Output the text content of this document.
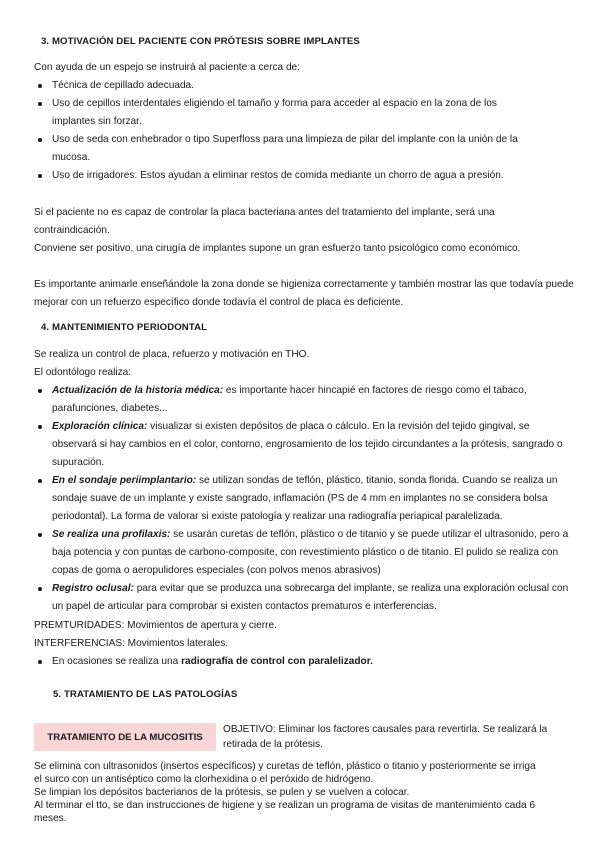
3. MOTIVACIÓN DEL PACIENTE CON PRÓTESIS SOBRE IMPLANTES
Con ayuda de un espejo se instruirá al paciente a cerca de:
Técnica de cepillado adecuada.
Uso de cepillos interdentales eligiendo el tamaño y forma para acceder al espacio en la zona de los implantes sin forzar.
Uso de seda con enhebrador o tipo Superfloss para una limpieza de pilar del implante con la unión de la mucosa.
Uso de irrigadores. Estos ayudan a eliminar restos de comida mediante un chorro de agua a presión.
Si el paciente no es capaz de controlar la placa bacteriana antes del tratamiento del implante, será una contraindicación.
Conviene ser positivo, una cirugía de implantes supone un gran esfuerzo tanto psicológico como económico.
Es importante animarle enseñándole la zona donde se higieniza correctamente y también mostrar las que todavía puede mejorar con un refuerzo específico donde todavía el control de placa es deficiente.
4. MANTENIMIENTO PERIODONTAL
Se realiza un control de placa, refuerzo y motivación en THO.
El odontólogo realiza:
Actualización de la historia médica: es importante hacer hincapié en factores de riesgo como el tabaco, parafunciones, diabetes...
Exploración clínica: visualizar si existen depósitos de placa o cálculo. En la revisión del tejido gingival, se observará si hay cambios en el color, contorno, engrosamiento de los tejido circundantes a la prótesis, sangrado o supuración.
En el sondaje periimplantario: se utilizan sondas de teflón, plástico, titanio, sonda florida. Cuando se realiza un sondaje suave de un implante y existe sangrado, inflamación (PS de 4 mm en implantes no se considera bolsa periodontal). La forma de valorar si existe patología y realizar una radiografía periapical paralelizada.
Se realiza una profilaxis: se usarán curetas de teflón, plástico o de titanio y se puede utilizar el ultrasonido, pero a baja potencia y con puntas de carbono-composite, con revestimiento plástico o de titanio. El pulido se realiza con copas de goma o aeropulidores especiales (con polvos menos abrasivos)
Registro oclusal: para evitar que se produzca una sobrecarga del implante, se realiza una exploración oclusal con un papel de articular para comprobar si existen contactos prematuros e interferencias.
PREMTURIDADES: Movimientos de apertura y cierre.
INTERFERENCIAS: Movimientos laterales.
En ocasiones se realiza una radiografía de control con paralelizador.
5. TRATAMIENTO DE LAS PATOLOGÍAS
TRATAMIENTO DE LA MUCOSITIS
OBJETIVO: Eliminar los factores causales para revertirla. Se realizará la retirada de la prótesis.
Se elimina con ultrasonidos (insertos específicos) y curetas de teflón, plástico o titanio y posteriormente se irriga el surco con un antiséptico como la clorhexidina o el peróxido de hidrógeno.
Se limpian los depósitos bacterianos de la prótesis, se pulen y se vuelven a colocar.
Al terminar el tto, se dan instrucciones de higiene y se realizan un programa de visitas de mantenimiento cada 6 meses.
